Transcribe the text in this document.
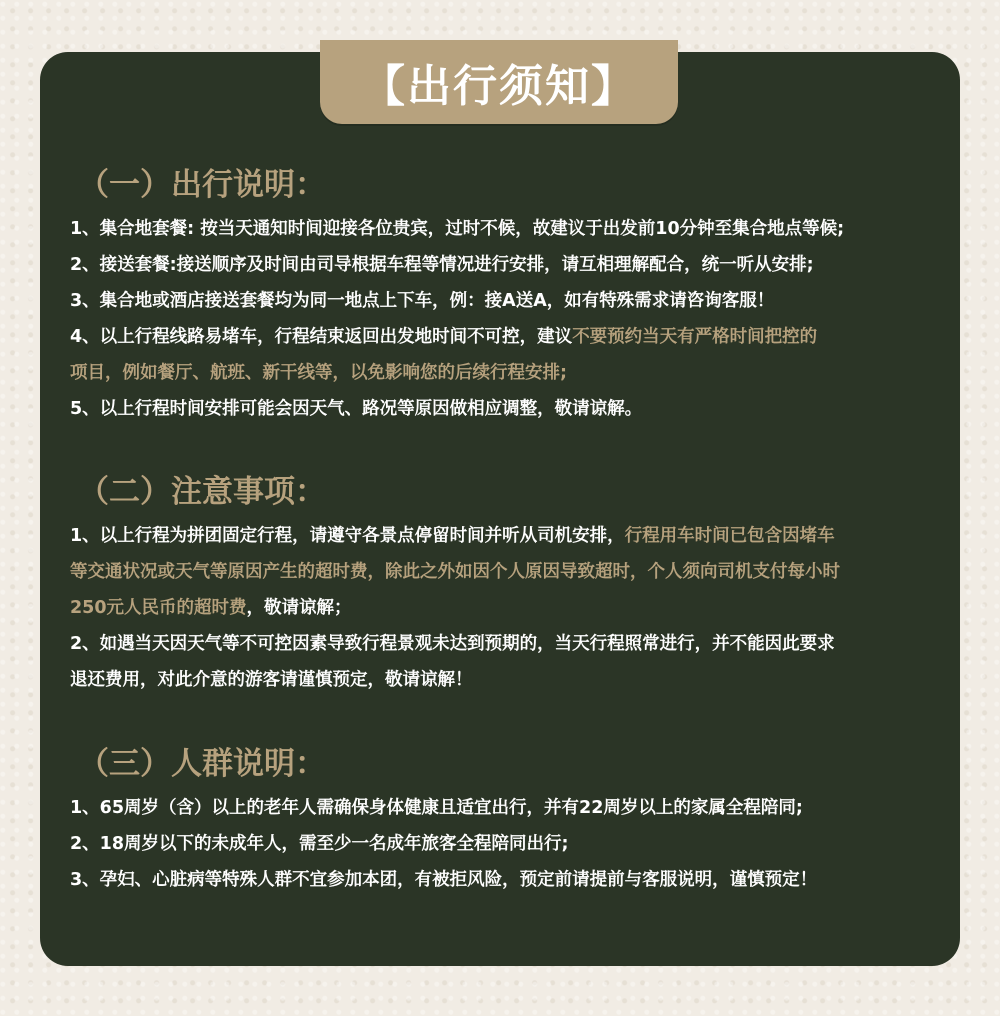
【出行须知】
（一）出行说明：
1、集合地套餐: 按当天通知时间迎接各位贵宾，过时不候，故建议于出发前10分钟至集合地点等候;
2、接送套餐:接送顺序及时间由司导根据车程等情况进行安排，请互相理解配合，统一听从安排;
3、集合地或酒店接送套餐均为同一地点上下车，例：接A送A，如有特殊需求请咨询客服！
4、以上行程线路易堵车，行程结束返回出发地时间不可控，建议不要预约当天有严格时间把控的
项目，例如餐厅、航班、新干线等，以免影响您的后续行程安排;
5、以上行程时间安排可能会因天气、路况等原因做相应调整，敬请谅解。
（二）注意事项：
1、以上行程为拼团固定行程，请遵守各景点停留时间并听从司机安排，行程用车时间已包含因堵车
等交通状况或天气等原因产生的超时费，除此之外如因个人原因导致超时，个人须向司机支付每小时
250元人民币的超时费，敬请谅解；
2、如遇当天因天气等不可控因素导致行程景观未达到预期的，当天行程照常进行，并不能因此要求
退还费用，对此介意的游客请谨慎预定，敬请谅解！
（三）人群说明：
1、65周岁（含）以上的老年人需确保身体健康且适宜出行，并有22周岁以上的家属全程陪同;
2、18周岁以下的未成年人，需至少一名成年旅客全程陪同出行;
3、孕妇、心脏病等特殊人群不宜参加本团，有被拒风险，预定前请提前与客服说明，谨慎预定！
